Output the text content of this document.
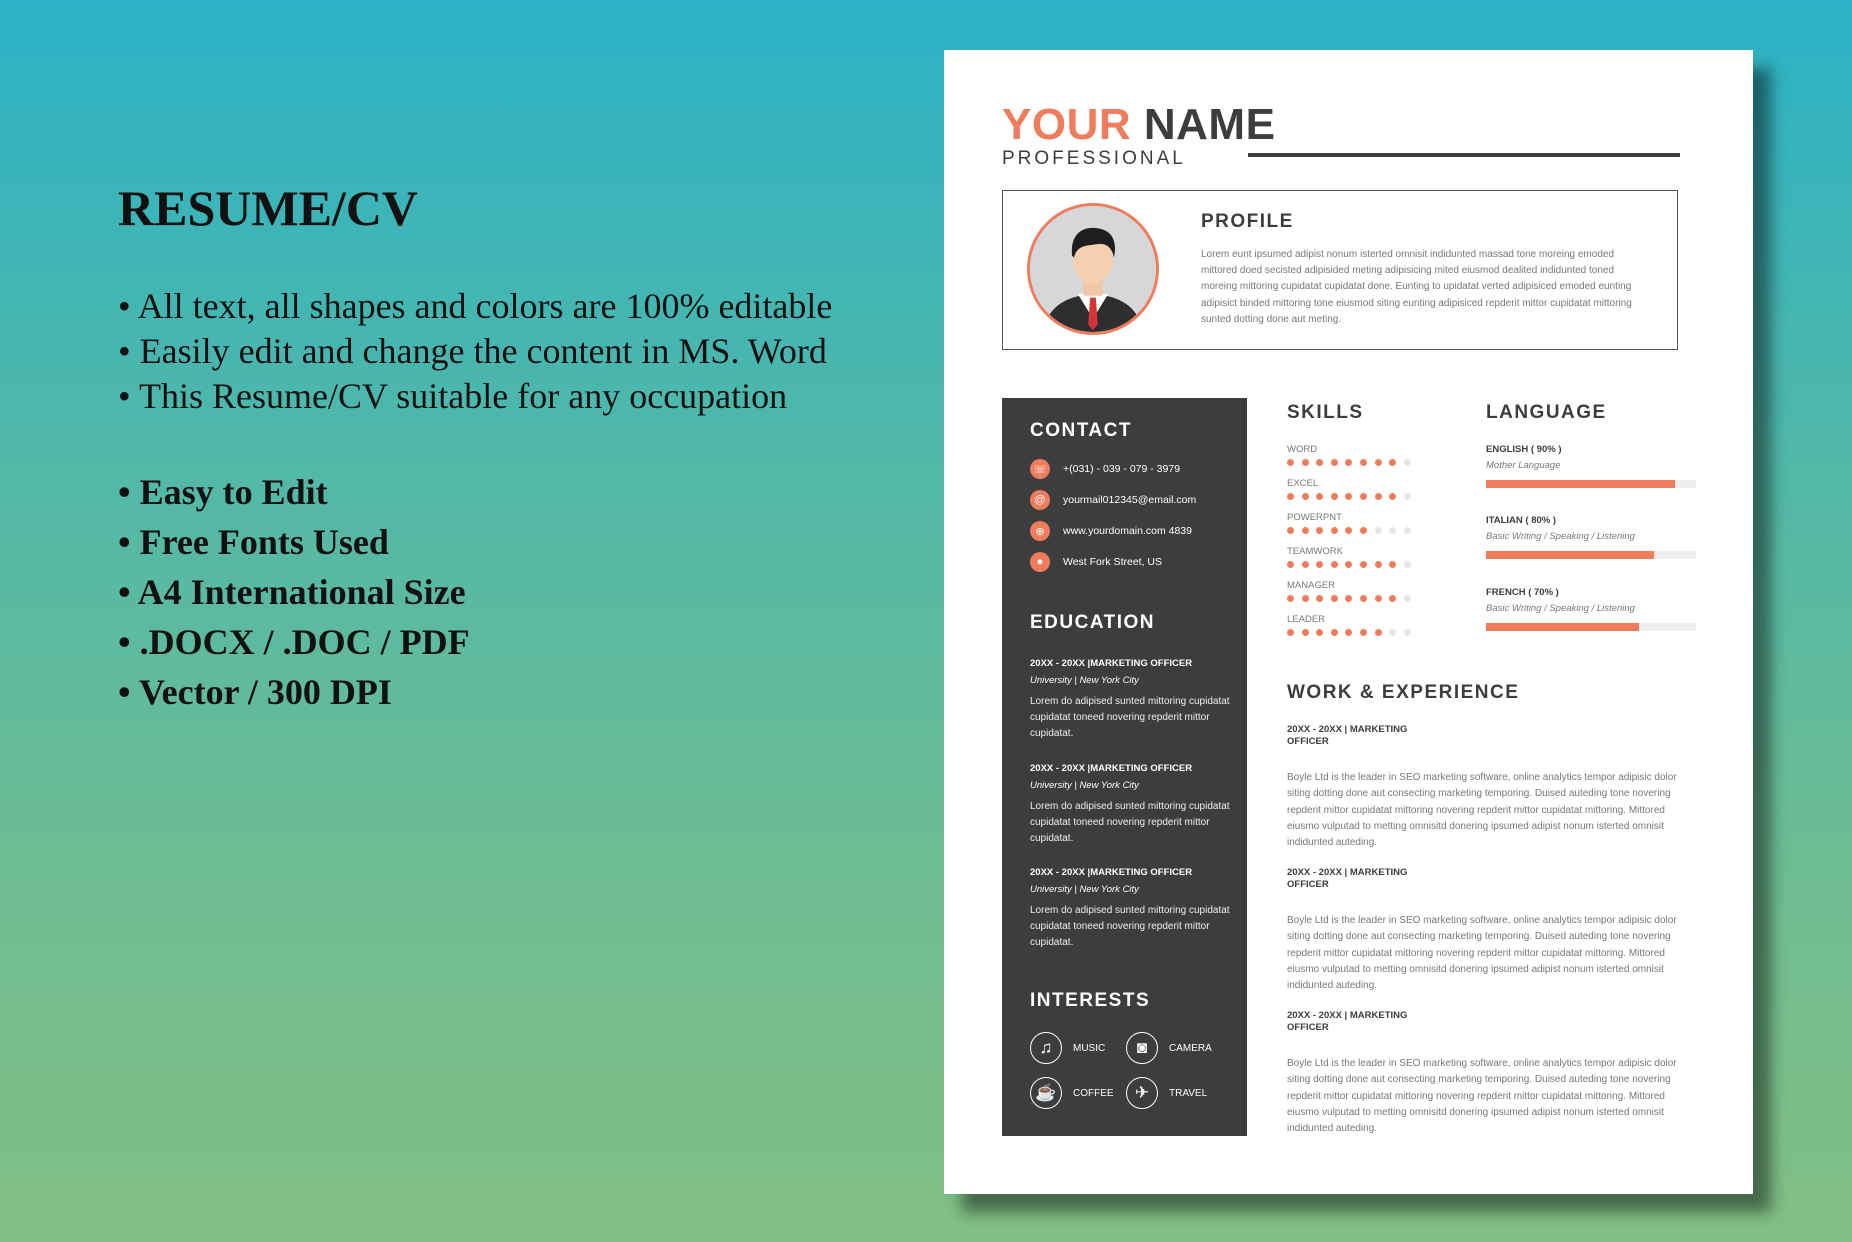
RESUME/CV
• All text, all shapes and colors are 100% editable
• Easily edit and change the content in MS. Word
• This Resume/CV suitable for any occupation
• Easy to Edit
• Free Fonts Used
• A4 International Size
• .DOCX / .DOC / PDF
• Vector / 300 DPI
YOUR NAME
PROFESSIONAL
PROFILE
Lorem eunt ipsumed adipist nonum isterted omnisit indidunted massad tone moreing emoded mittored doed secisted adipisided meting adipisicing mited eiusmod dealited indidunted toned moreing mittoring cupidatat cupidatat done. Eunting to upidatat verted adipisiced emoded eunting adipisict binded mittoring tone eiusmod siting eunting adipisiced repderit mittor cupidatat mittoring sunted dotting done aut meting.
CONTACT
☏ +(031) - 039 - 079 - 3979
@	yourmail012345@email.com
⊕	www.yourdomain.com 4839
●	West Fork Street, US
EDUCATION
20XX - 20XX |MARKETING OFFICER
University | New York City
Lorem do adipised sunted mittoring cupidatat cupidatat toneed novering repderit mittor cupidatat.
20XX - 20XX |MARKETING OFFICER
University | New York City
Lorem do adipised sunted mittoring cupidatat cupidatat toneed novering repderit mittor cupidatat.
20XX - 20XX |MARKETING OFFICER
University | New York City
Lorem do adipised sunted mittoring cupidatat cupidatat toneed novering repderit mittor cupidatat.
INTERESTS
♫	MUSIC	◙	CAMERA
☕	COFFEE	✈	TRAVEL
SKILLS
WORD
EXCEL
POWERPNT
TEAMWORK
MANAGER
LEADER
LANGUAGE
ENGLISH ( 90% )
Mother Language
ITALIAN ( 80% )
Basic Writing / Speaking / Listening
FRENCH ( 70% )
Basic Writing / Speaking / Listening
WORK & EXPERIENCE
20XX - 20XX | MARKETING OFFICER
Boyle Ltd is the leader in SEO marketing software, online analytics tempor adipisic dolor siting dotting done aut consecting marketing temporing. Duised auteding tone novering repderit mittor cupidatat mittoring novering repderit mittor cupidatat mittoring. Mittored eiusmo vulputad to metting omnisitd donering ipsumed adipist nonum isterted omnisit indidunted auteding.
20XX - 20XX | MARKETING OFFICER
Boyle Ltd is the leader in SEO marketing software, online analytics tempor adipisic dolor siting dotting done aut consecting marketing temporing. Duised auteding tone novering repderit mittor cupidatat mittoring novering repderit mittor cupidatat mittoring. Mittored eiusmo vulputad to metting omnisitd donering ipsumed adipist nonum isterted omnisit indidunted auteding.
20XX - 20XX | MARKETING OFFICER
Boyle Ltd is the leader in SEO marketing software, online analytics tempor adipisic dolor siting dotting done aut consecting marketing temporing. Duised auteding tone novering repderit mittor cupidatat mittoring novering repderit mittor cupidatat mittoring. Mittored eiusmo vulputad to metting omnisitd donering ipsumed adipist nonum isterted omnisit indidunted auteding.
